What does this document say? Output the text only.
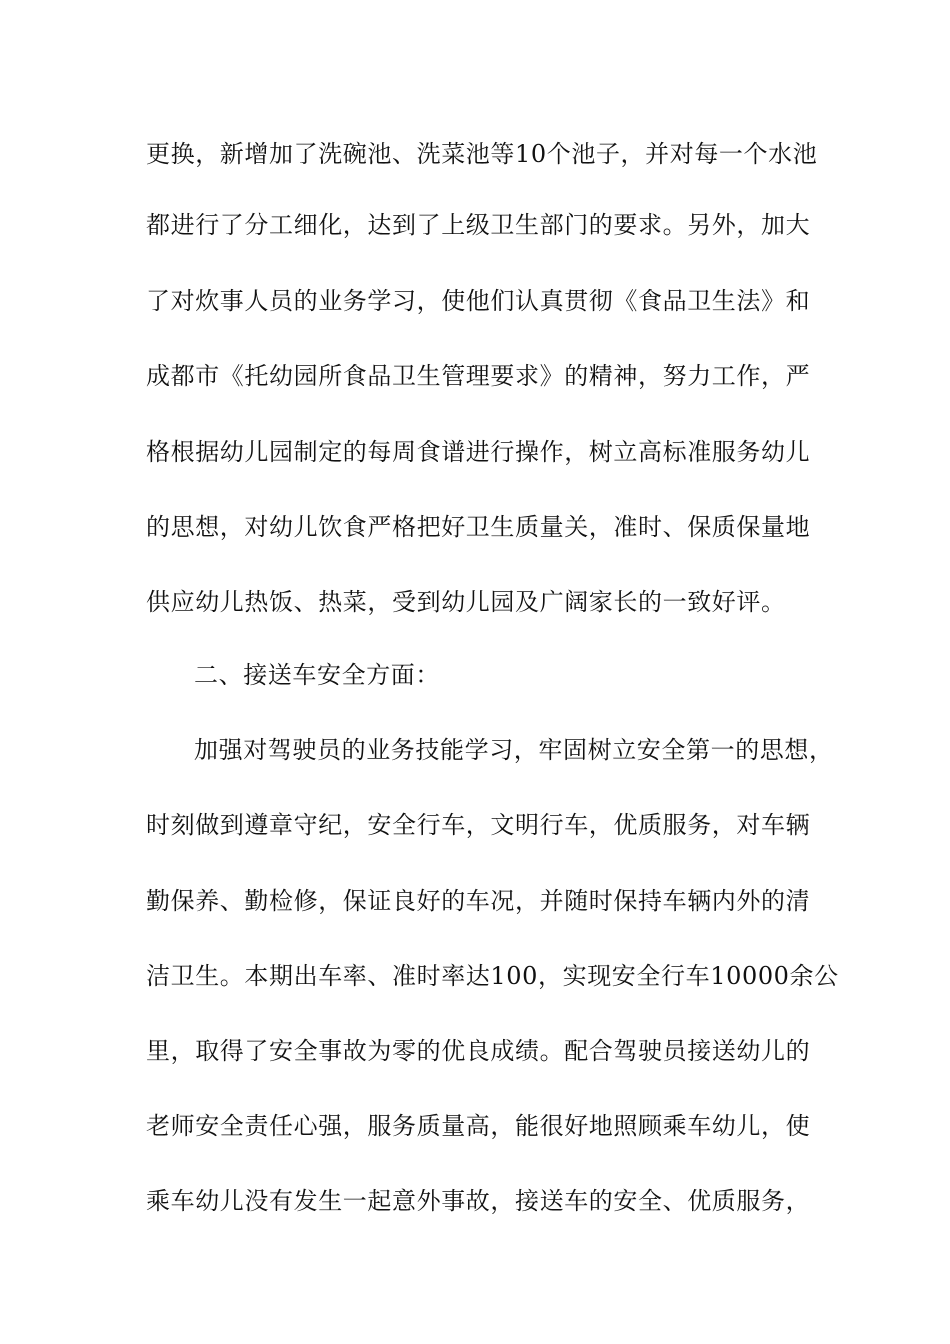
更换，新增加了洗碗池、洗菜池等10个池子，并对每一个水池
都进行了分工细化，达到了上级卫生部门的要求。另外，加大
了对炊事人员的业务学习，使他们认真贯彻《食品卫生法》和
成都市《托幼园所食品卫生管理要求》的精神，努力工作，严
格根据幼儿园制定的每周食谱进行操作，树立高标准服务幼儿
的思想，对幼儿饮食严格把好卫生质量关，准时、保质保量地
供应幼儿热饭、热菜，受到幼儿园及广阔家长的一致好评。
二、接送车安全方面：
加强对驾驶员的业务技能学习，牢固树立安全第一的思想，
时刻做到遵章守纪，安全行车，文明行车，优质服务，对车辆
勤保养、勤检修，保证良好的车况，并随时保持车辆内外的清
洁卫生。本期出车率、准时率达100，实现安全行车10000余公
里，取得了安全事故为零的优良成绩。配合驾驶员接送幼儿的
老师安全责任心强，服务质量高，能很好地照顾乘车幼儿，使
乘车幼儿没有发生一起意外事故，接送车的安全、优质服务，
